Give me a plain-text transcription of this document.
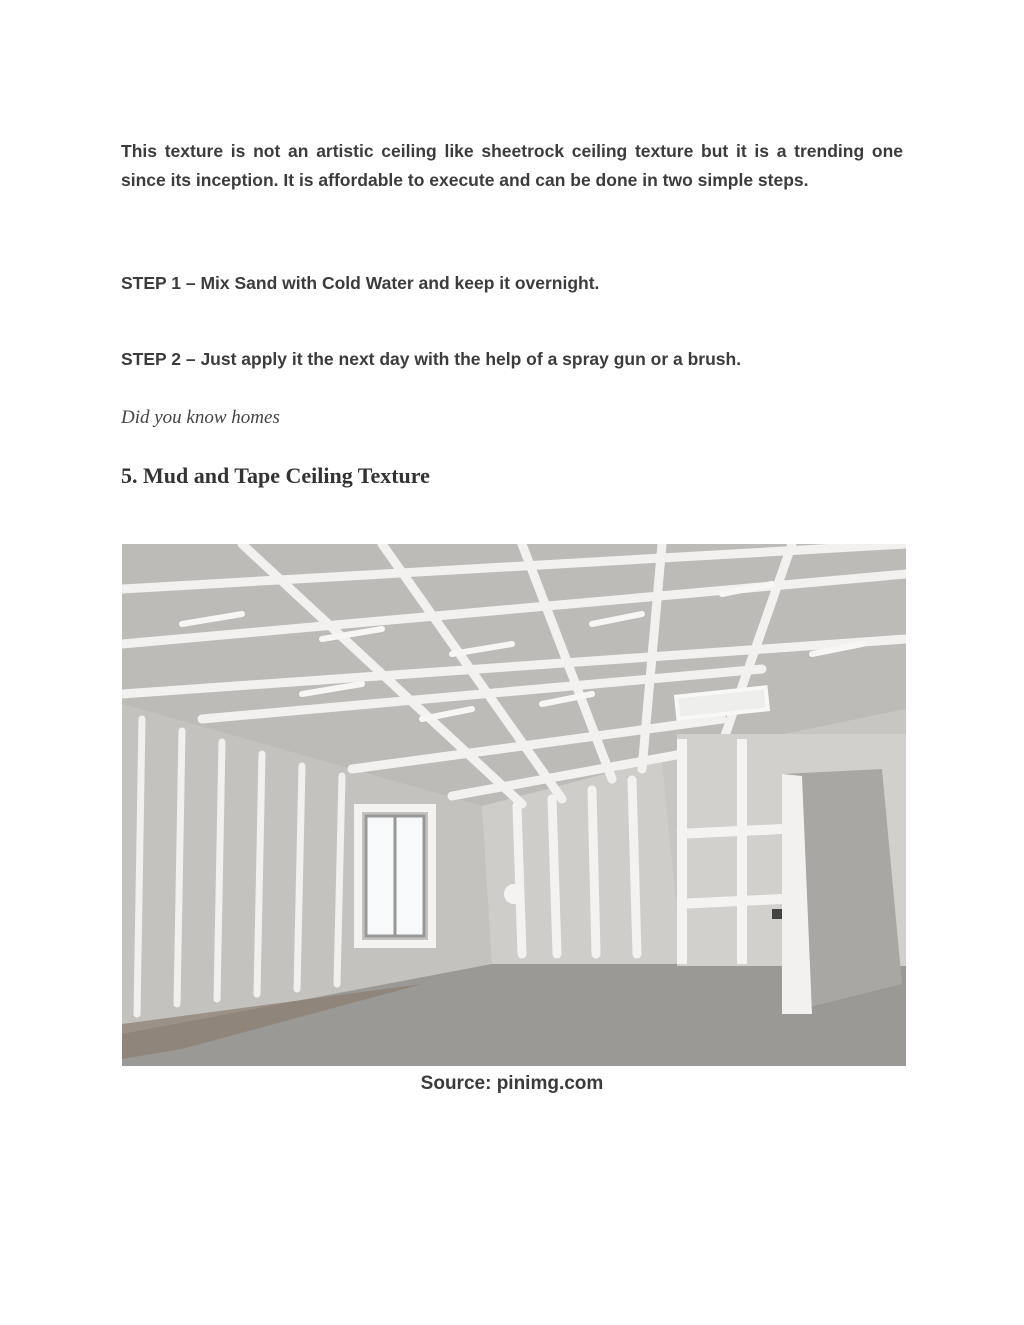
This texture is not an artistic ceiling like sheetrock ceiling texture but it is a trending one since its inception. It is affordable to execute and can be done in two simple steps.

STEP 1 – Mix Sand with Cold Water and keep it overnight.

STEP 2 – Just apply it the next day with the help of a spray gun or a brush.

Did you know homes

5. Mud and Tape Ceiling Texture

Source: pinimg.com
